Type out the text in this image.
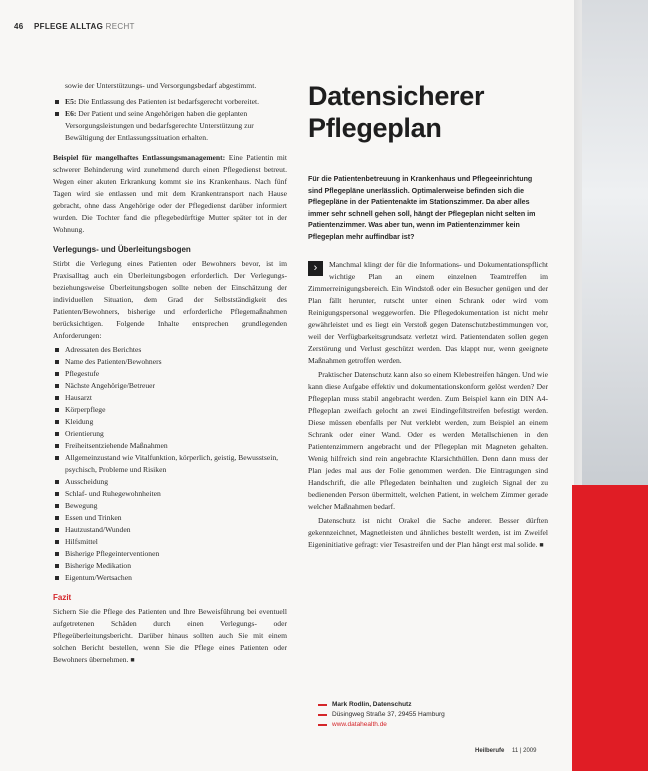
46 PFLEGE ALLTAG RECHT
sowie der Unterstützungs- und Versorgungsbedarf abgestimmt.
E5: Die Entlassung des Patienten ist bedarfsgerecht vorbereitet.
E6: Der Patient und seine Angehörigen haben die geplanten Versorgungsleistungen und bedarfsgerechte Unterstützung zur Bewältigung der Entlassungssituation erhalten.

Beispiel für mangelhaftes Entlassungsmanagement: Eine Patientin mit schwerer Behinderung wird zunehmend durch einen Pflegedienst betreut. Wegen einer akuten Erkrankung kommt sie ins Krankenhaus. Nach fünf Tagen wird sie entlassen und mit dem Krankentransport nach Hause gebracht, ohne dass Angehörige oder der Pflegedienst darüber informiert wurden. Die Tochter fand die pflegebedürftige Mutter später tot in der Wohnung.

Verlegungs- und Überleitungsbogen

Stirbt die Verlegung eines Patienten oder Bewohners bevor, ist im Praxisalltag auch ein Überleitungsbogen erforderlich. Der Verlegungs- beziehungsweise Überleitungsbogen sollte neben der Einschätzung der individuellen Situation, dem Grad der Selbstständigkeit des Patienten/Bewohners, bisherige und erforderliche Pflegemaßnahmen berücksichtigen. Folgende Inhalte entsprechen grundlegenden Anforderungen:

Adressaten des Berichtes
Name des Patienten/Bewohners
Pflegestufe
Nächste Angehörige/Betreuer
Hausarzt
Körperpflege
Kleidung
Orientierung
Freiheitsentziehende Maßnahmen
Allgemeinzustand wie Vitalfunktion, körperlich, geistig, Bewusstsein, psychisch, Probleme und Risiken
Ausscheidung
Schlaf- und Ruhegewohnheiten
Bewegung
Essen und Trinken
Hautzustand/Wunden
Hilfsmittel
Bisherige Pflegeinterventionen
Bisherige Medikation
Eigentum/Wertsachen
Fazit

Sichern Sie die Pflege des Patienten und Ihre Beweisführung bei eventuell aufgetretenen Schäden durch einen Verlegungs- oder Pflegeüberleitungsbericht. Darüber hinaus sollten auch Sie mit einem solchen Bericht bestellen, wenn Sie die Pflege eines Patienten oder Bewohners übernehmen. ■

Datensicherer
Pflegeplan
Für die Patientenbetreuung in Krankenhaus und Pflegeeinrichtung sind Pflegepläne unerlässlich. Optimalerweise befinden sich die Pflegepläne in der Patientenakte im Stationszimmer. Da aber alles immer sehr schnell gehen soll, hängt der Pflegeplan nicht selten im Patientenzimmer. Was aber tun, wenn im Patientenzimmer kein Pflegeplan mehr auffindbar ist?

›	Manchmal klingt der für die Informations- und Dokumentationspflicht wichtige Plan an einem einzelnen Teamtreffen im Zimmerreinigungsbereich. Ein Windstoß oder ein Besucher genügen und der Plan fällt herunter, rutscht unter einen Schrank oder wird vom Reinigungspersonal weggeworfen. Die Pflegedokumentation ist nicht mehr gewährleistet und es liegt ein Verstoß gegen Datenschutzbestimmungen vor, weil der Verfügbarkeitsgrundsatz verletzt wird. Patientendaten sollen gegen Zerstörung und Verlust geschützt werden. Das klappt nur, wenn geeignete Maßnahmen getroffen werden.

Praktischer Datenschutz kann also so einem Klebestreifen hängen. Und wie kann diese Aufgabe effektiv und dokumentationskonform gelöst werden? Der Pflegeplan muss stabil angebracht werden. Zum Beispiel kann ein DIN A4-Pflegeplan zweifach gelocht an zwei Eindingefiltstreifen befestigt werden. Diese müssen ebenfalls per Nut verklebt werden, zum Beispiel an einem Schrank oder einer Wand. Oder es werden Metallschienen in den Patientenzimmern angebracht und der Pflegeplan mit Magneten gehalten. Wenig hilfreich sind rein angebrachte Klarsichthüllen. Denn dann muss der Plan jedes mal aus der Folie genommen werden. Die Eintragungen sind Handschrift, die alle Pflegedaten beinhalten und zugleich Signal der zu bedienenden Person übermittelt, welchen Patient, in welchem Zimmer gerade welcher Maßnahmen bedarf.

Datenschutz ist nicht Orakel die Sache anderer. Besser dürften gekennzeichnet, Magnetleisten und ähnliches bestellt werden, ist im Zweifel Eigeninitiative gefragt: vier Tesastreifen und der Plan hängt erst mal solide. ■

Mark Rodlin, Datenschutz
Düsingweg Straße 37, 29455 Hamburg
www.datahealth.de
Heilberufe 11 | 2009
